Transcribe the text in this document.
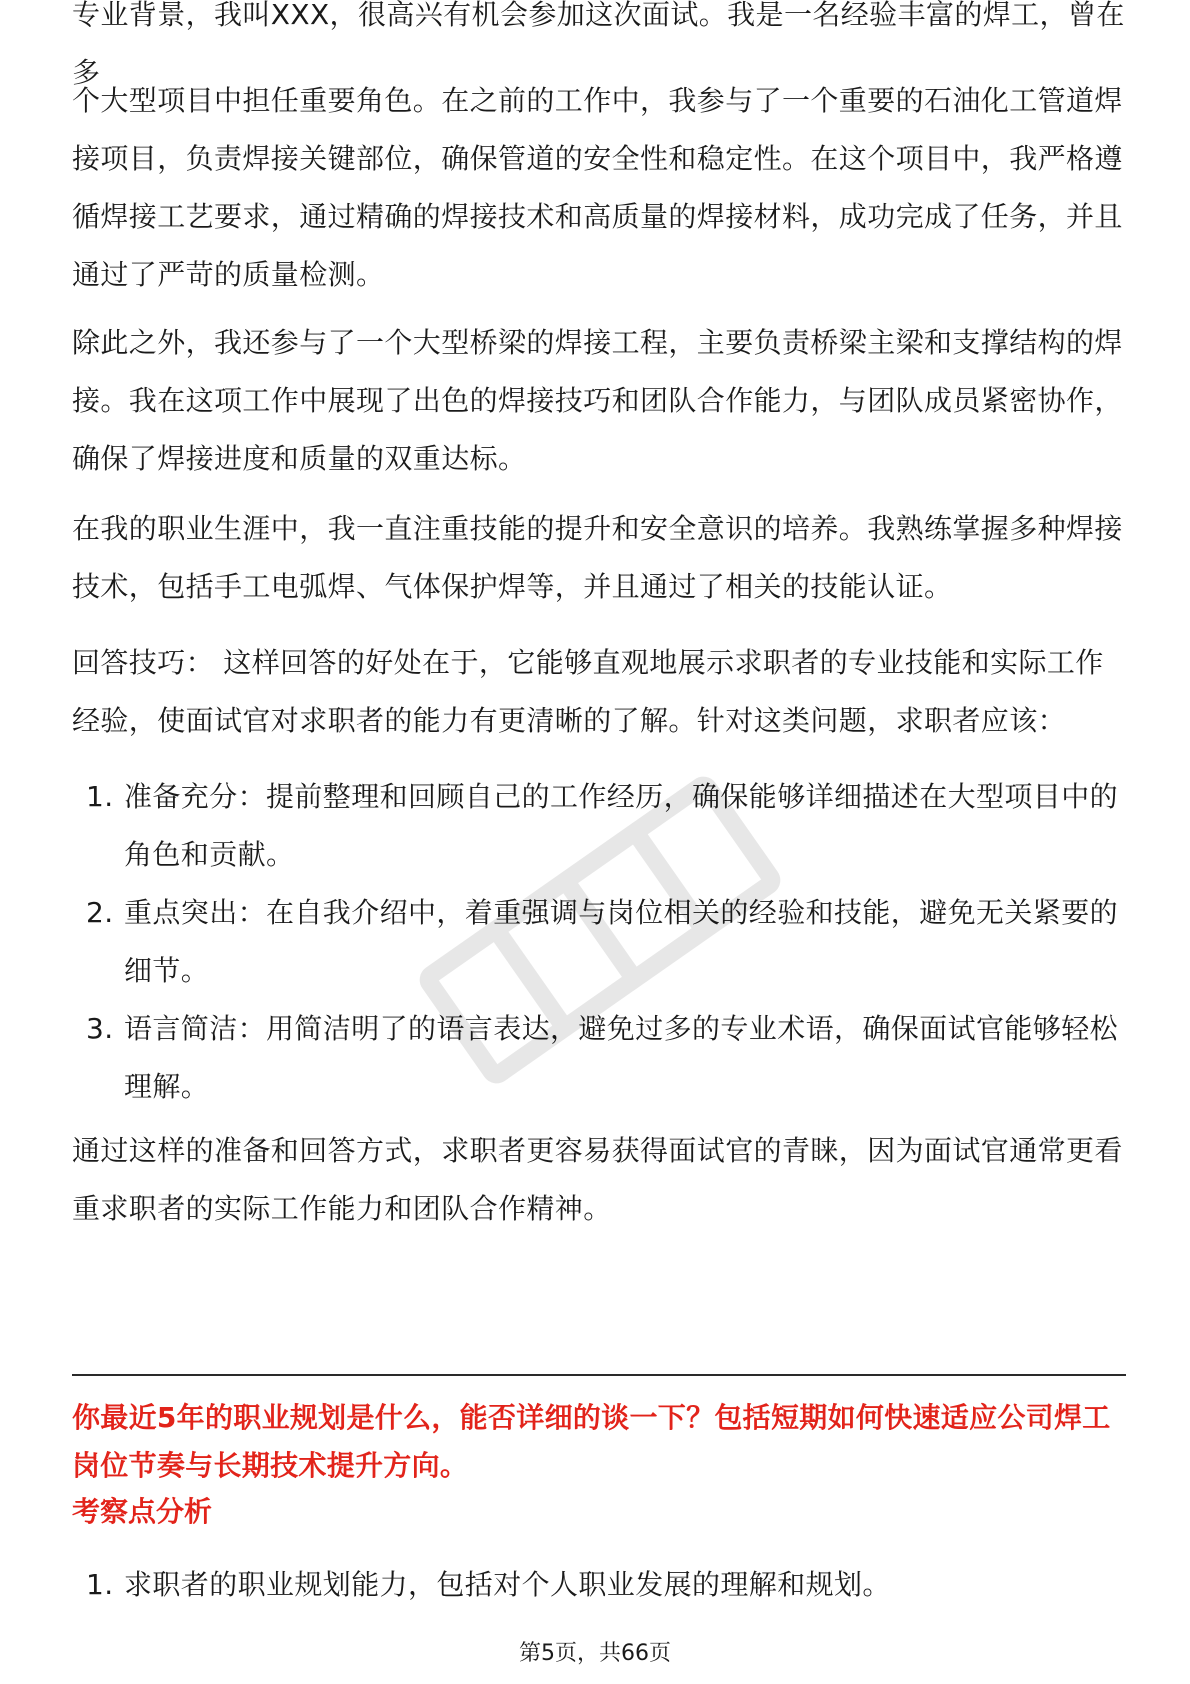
专业背景，我叫XXX，很高兴有机会参加这次面试。我是一名经验丰富的焊工，曾在多

个大型项目中担任重要角色。在之前的工作中，我参与了一个重要的石油化工管道焊接项目，负责焊接关键部位，确保管道的安全性和稳定性。在这个项目中，我严格遵循焊接工艺要求，通过精确的焊接技术和高质量的焊接材料，成功完成了任务，并且通过了严苛的质量检测。

除此之外，我还参与了一个大型桥梁的焊接工程，主要负责桥梁主梁和支撑结构的焊接。我在这项工作中展现了出色的焊接技巧和团队合作能力，与团队成员紧密协作，确保了焊接进度和质量的双重达标。

在我的职业生涯中，我一直注重技能的提升和安全意识的培养。我熟练掌握多种焊接技术，包括手工电弧焊、气体保护焊等，并且通过了相关的技能认证。

回答技巧： 这样回答的好处在于，它能够直观地展示求职者的专业技能和实际工作经验，使面试官对求职者的能力有更清晰的了解。针对这类问题，求职者应该：

1. 准备充分：提前整理和回顾自己的工作经历，确保能够详细描述在大型项目中的角色和贡献。
2. 重点突出：在自我介绍中，着重强调与岗位相关的经验和技能，避免无关紧要的细节。
3. 语言简洁：用简洁明了的语言表达，避免过多的专业术语，确保面试官能够轻松理解。

通过这样的准备和回答方式，求职者更容易获得面试官的青睐，因为面试官通常更看重求职者的实际工作能力和团队合作精神。

你最近5年的职业规划是什么，能否详细的谈一下？包括短期如何快速适应公司焊工岗位节奏与长期技术提升方向。

考察点分析

1. 求职者的职业规划能力，包括对个人职业发展的理解和规划。
第5页，共66页
